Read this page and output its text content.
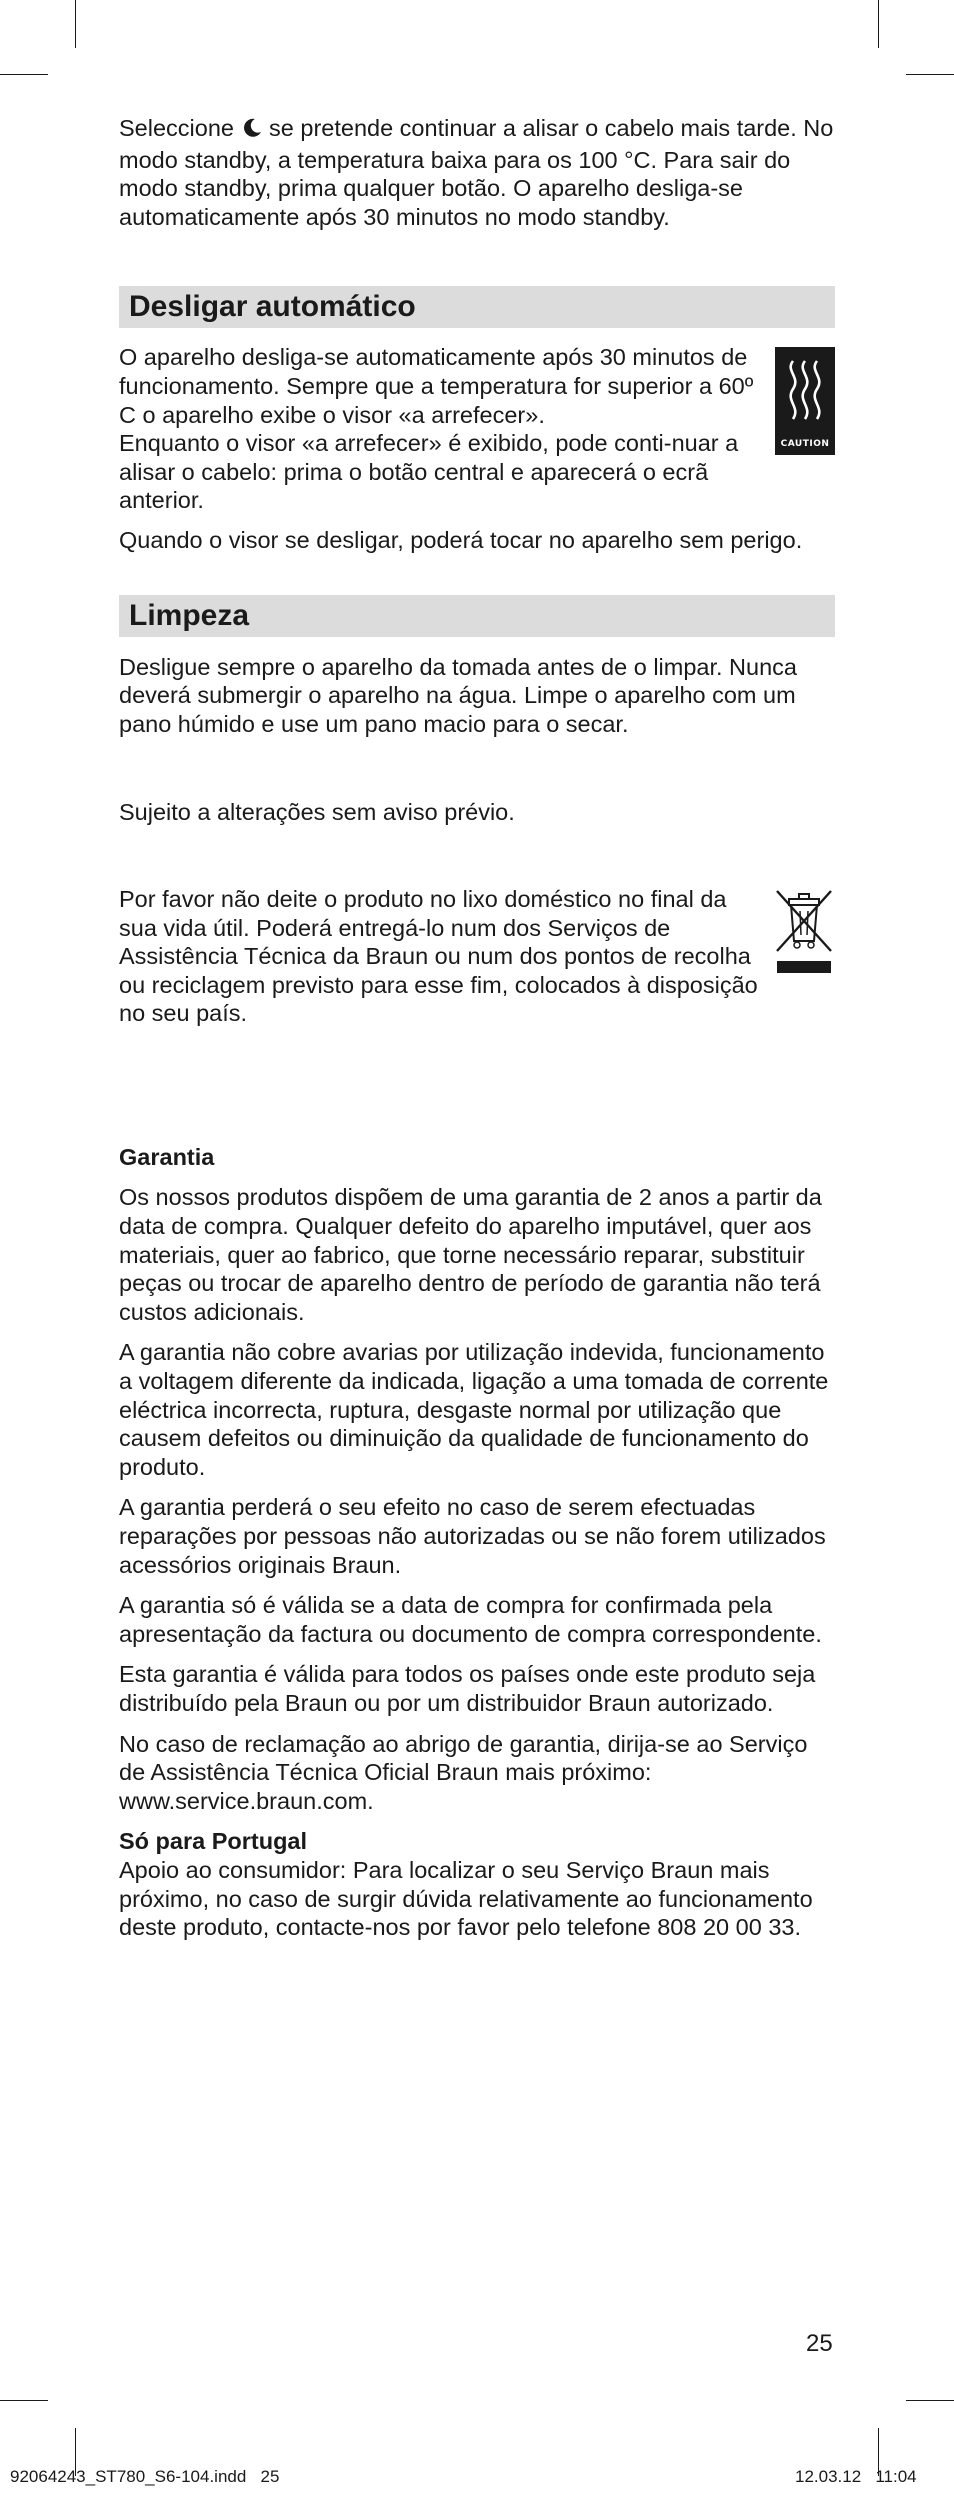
Seleccione se pretende continuar a alisar o cabelo mais tarde. No modo standby, a temperatura baixa para os 100 °C. Para sair do modo standby, prima qualquer botão. O aparelho desliga-se automaticamente após 30 minutos no modo standby.

Desligar automático

O aparelho desliga-se automaticamente após 30 minutos de funcionamento. Sempre que a temperatura for superior a 60º C o aparelho exibe o visor «a arrefecer».

Enquanto o visor «a arrefecer» é exibido, pode conti-nuar a alisar o cabelo: prima o botão central e aparecerá o ecrã anterior.

CAUTION

Quando o visor se desligar, poderá tocar no aparelho sem perigo.

Limpeza

Desligue sempre o aparelho da tomada antes de o limpar. Nunca deverá submergir o aparelho na água. Limpe o aparelho com um pano húmido e use um pano macio para o secar.

Sujeito a alterações sem aviso prévio.

Por favor não deite o produto no lixo doméstico no final da sua vida útil. Poderá entregá-lo num dos Serviços de Assistência Técnica da Braun ou num dos pontos de recolha ou reciclagem previsto para esse fim, colocados à disposição no seu país.

Garantia

Os nossos produtos dispõem de uma garantia de 2 anos a partir da data de compra. Qualquer defeito do aparelho imputável, quer aos materiais, quer ao fabrico, que torne necessário reparar, substituir peças ou trocar de aparelho dentro de período de garantia não terá custos adicionais.

A garantia não cobre avarias por utilização indevida, funcionamento a voltagem diferente da indicada, ligação a uma tomada de corrente eléctrica incorrecta, ruptura, desgaste normal por utilização que causem defeitos ou diminuição da qualidade de funcionamento do produto.

A garantia perderá o seu efeito no caso de serem efectuadas reparações por pessoas não autorizadas ou se não forem utilizados acessórios originais Braun.

A garantia só é válida se a data de compra for confirmada pela apresentação da factura ou documento de compra correspondente.

Esta garantia é válida para todos os países onde este produto seja distribuído pela Braun ou por um distribuidor Braun autorizado.

No caso de reclamação ao abrigo de garantia, dirija-se ao Serviço de Assistência Técnica Oficial Braun mais próximo: www.service.braun.com.

Só para Portugal

Apoio ao consumidor: Para localizar o seu Serviço Braun mais próximo, no caso de surgir dúvida relativamente ao funcionamento deste produto, contacte-nos por favor pelo telefone 808 20 00 33.

25
92064243_ST780_S6-104.indd   25	12.03.12   11:04
